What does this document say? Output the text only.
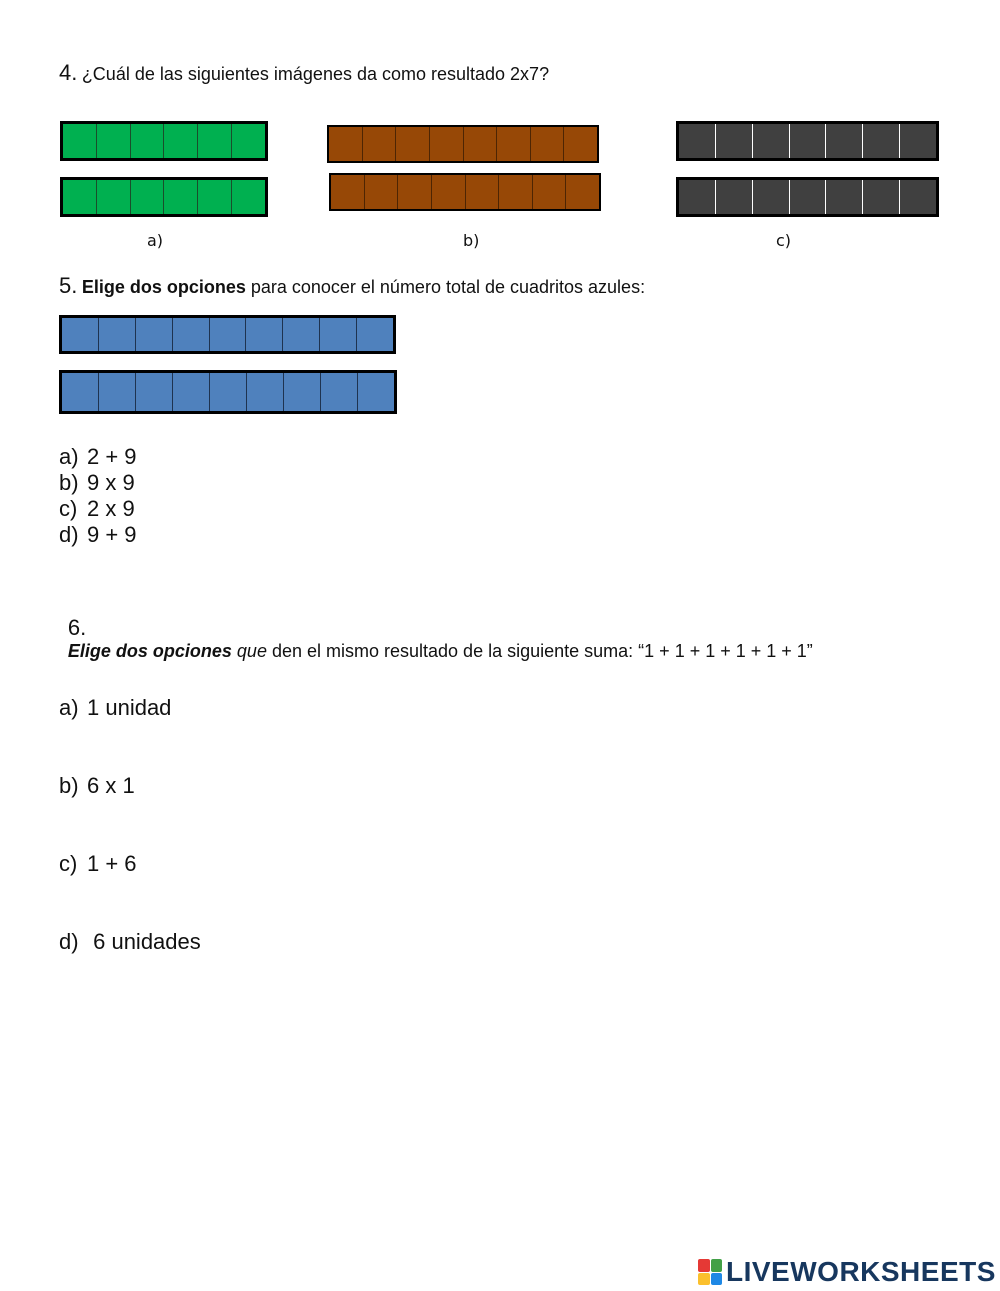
4. ¿Cuál de las siguientes imágenes da como resultado 2x7?
a)	b)	c)
5. Elige dos opciones para conocer el número total de cuadritos azules:
a) 2 + 9
b) 9 x 9
c) 2 x 9
d) 9 + 9

6.
Elige dos opciones que den el mismo resultado de la siguiente suma: “1 + 1 + 1 + 1 + 1 + 1”

a) 1 unidad

b) 6 x 1

c) 1 + 6

d) 6 unidades

LIVEWORKSHEETS
